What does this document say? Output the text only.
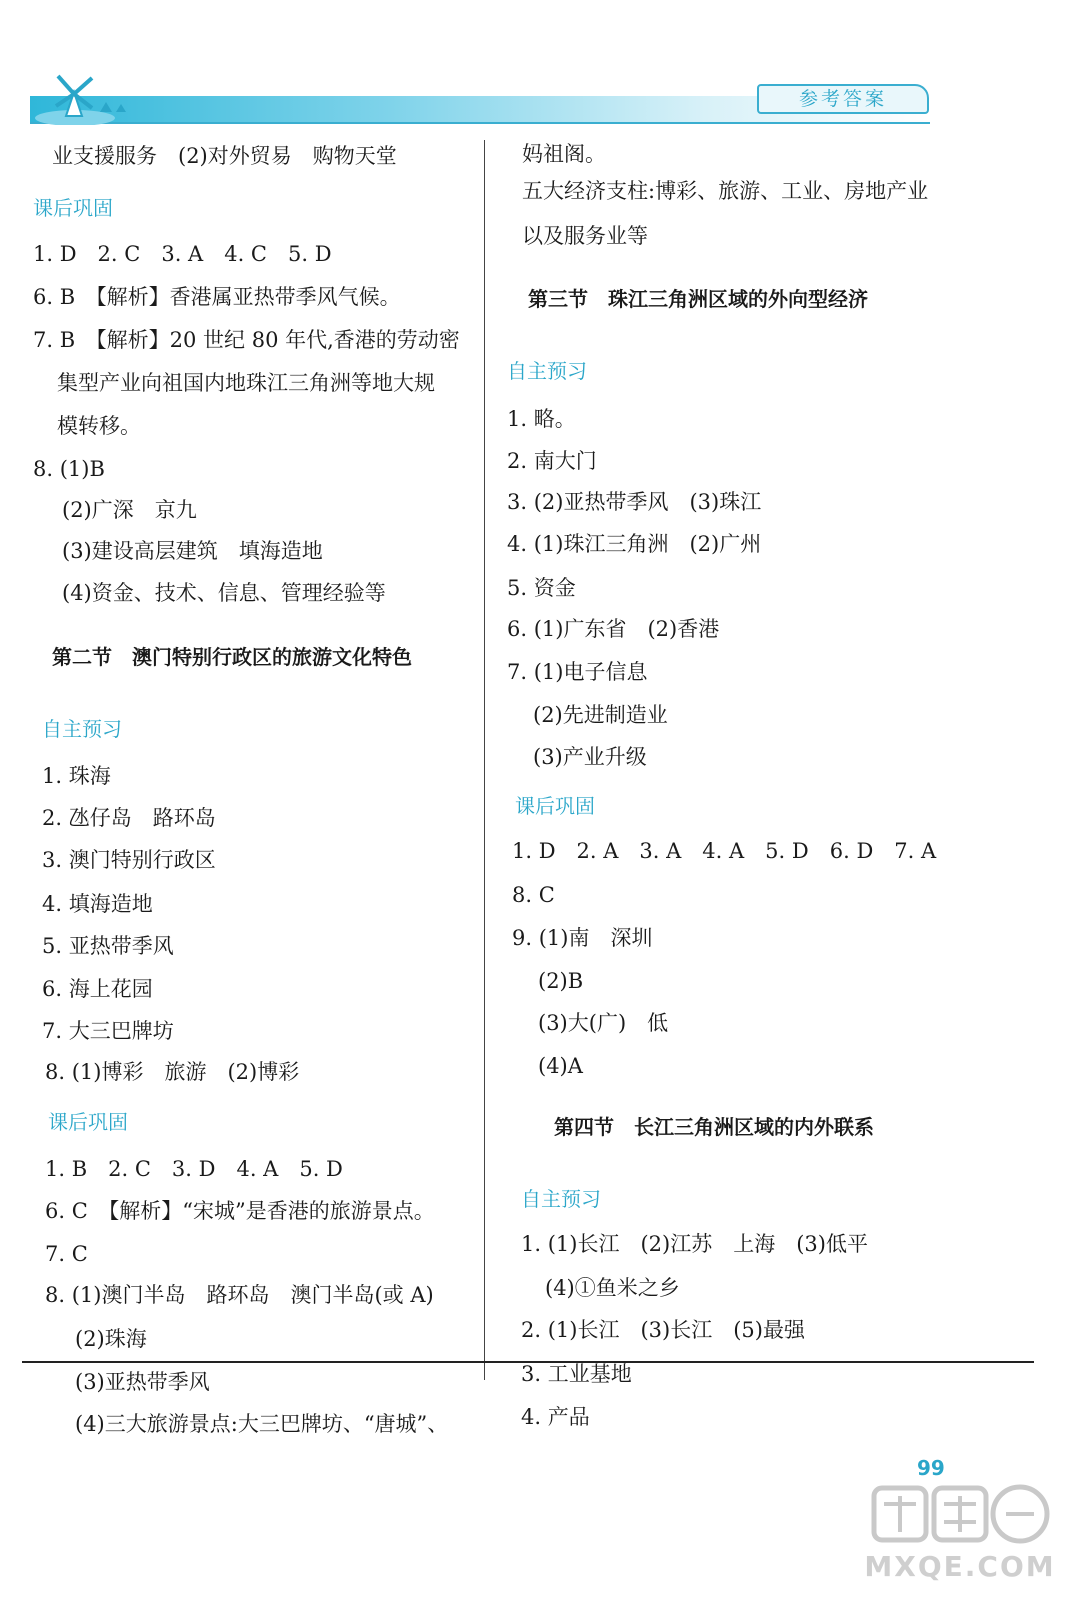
参考答案
业支援服务　(2)对外贸易　购物天堂
课后巩固
1. D　2. C　3. A　4. C　5. D
6. B　【解析】香港属亚热带季风气候。
7. B　【解析】20 世纪 80 年代,香港的劳动密
集型产业向祖国内地珠江三角洲等地大规
模转移。
8. (1)B
(2)广深　京九
(3)建设高层建筑　填海造地
(4)资金、技术、信息、管理经验等
第二节　澳门特别行政区的旅游文化特色
自主预习
1. 珠海
2. 氹仔岛　路环岛
3. 澳门特别行政区
4. 填海造地
5. 亚热带季风
6. 海上花园
7. 大三巴牌坊
8. (1)博彩　旅游　(2)博彩
课后巩固
1. B　2. C　3. D　4. A　5. D
6. C　【解析】“宋城”是香港的旅游景点。
7. C
8. (1)澳门半岛　路环岛　澳门半岛(或 A)
(2)珠海
(3)亚热带季风
(4)三大旅游景点:大三巴牌坊、“唐城”、
妈祖阁。
五大经济支柱:博彩、旅游、工业、房地产业
以及服务业等
第三节　珠江三角洲区域的外向型经济
自主预习
1. 略。
2. 南大门
3. (2)亚热带季风　(3)珠江
4. (1)珠江三角洲　(2)广州
5. 资金
6. (1)广东省　(2)香港
7. (1)电子信息
(2)先进制造业
(3)产业升级
课后巩固
1. D　2. A　3. A　4. A　5. D　6. D　7. A
8. C
9. (1)南　深圳
(2)B
(3)大(广)　低
(4)A
第四节　长江三角洲区域的内外联系
自主预习
1. (1)长江　(2)江苏　上海　(3)低平
(4)①鱼米之乡
2. (1)长江　(3)长江　(5)最强
3. 工业基地
4. 产品
99
MXQE.COM
